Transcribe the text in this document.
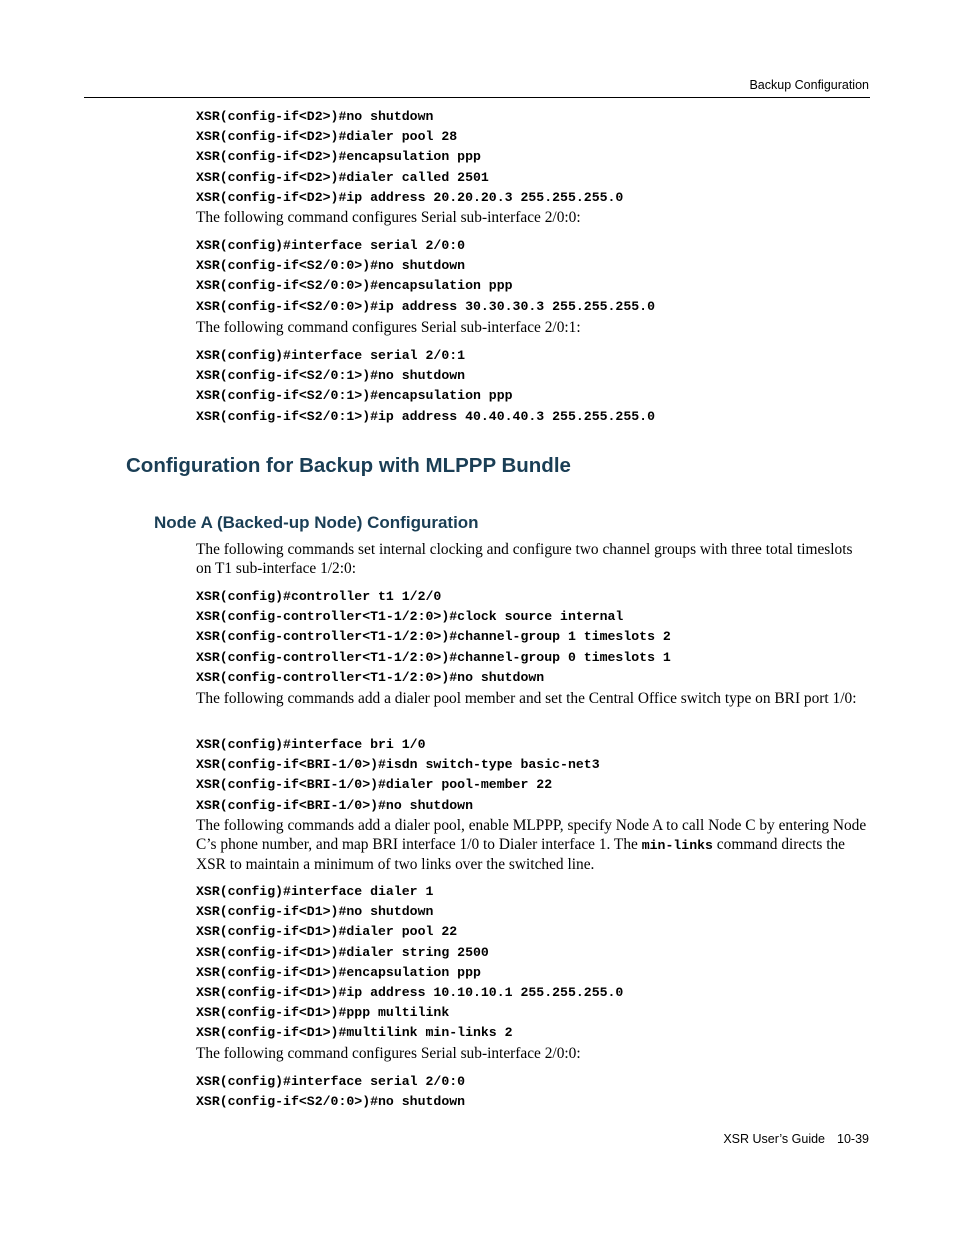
Backup Configuration
XSR(config-if<D2>)#no shutdown
XSR(config-if<D2>)#dialer pool 28
XSR(config-if<D2>)#encapsulation ppp
XSR(config-if<D2>)#dialer called 2501
XSR(config-if<D2>)#ip address 20.20.20.3 255.255.255.0

The following command configures Serial sub-interface 2/0:0:

XSR(config)#interface serial 2/0:0
XSR(config-if<S2/0:0>)#no shutdown
XSR(config-if<S2/0:0>)#encapsulation ppp
XSR(config-if<S2/0:0>)#ip address 30.30.30.3 255.255.255.0

The following command configures Serial sub-interface 2/0:1:

XSR(config)#interface serial 2/0:1
XSR(config-if<S2/0:1>)#no shutdown
XSR(config-if<S2/0:1>)#encapsulation ppp
XSR(config-if<S2/0:1>)#ip address 40.40.40.3 255.255.255.0
Configuration for Backup with MLPPP Bundle
Node A (Backed-up Node) Configuration

The following commands set internal clocking and configure two channel groups with three total timeslots on T1 sub-interface 1/2:0:

XSR(config)#controller t1 1/2/0
XSR(config-controller<T1-1/2:0>)#clock source internal
XSR(config-controller<T1-1/2:0>)#channel-group 1 timeslots 2
XSR(config-controller<T1-1/2:0>)#channel-group 0 timeslots 1
XSR(config-controller<T1-1/2:0>)#no shutdown

The following commands add a dialer pool member and set the Central Office switch type on BRI port 1/0:

XSR(config)#interface bri 1/0
XSR(config-if<BRI-1/0>)#isdn switch-type basic-net3
XSR(config-if<BRI-1/0>)#dialer pool-member 22
XSR(config-if<BRI-1/0>)#no shutdown

The following commands add a dialer pool, enable MLPPP, specify Node A to call Node C by entering Node C’s phone number, and map BRI interface 1/0 to Dialer interface 1. The min-links command directs the XSR to maintain a minimum of two links over the switched line.

XSR(config)#interface dialer 1
XSR(config-if<D1>)#no shutdown
XSR(config-if<D1>)#dialer pool 22
XSR(config-if<D1>)#dialer string 2500
XSR(config-if<D1>)#encapsulation ppp
XSR(config-if<D1>)#ip address 10.10.10.1 255.255.255.0
XSR(config-if<D1>)#ppp multilink
XSR(config-if<D1>)#multilink min-links 2

The following command configures Serial sub-interface 2/0:0:

XSR(config)#interface serial 2/0:0
XSR(config-if<S2/0:0>)#no shutdown
XSR User’s Guide 10-39
